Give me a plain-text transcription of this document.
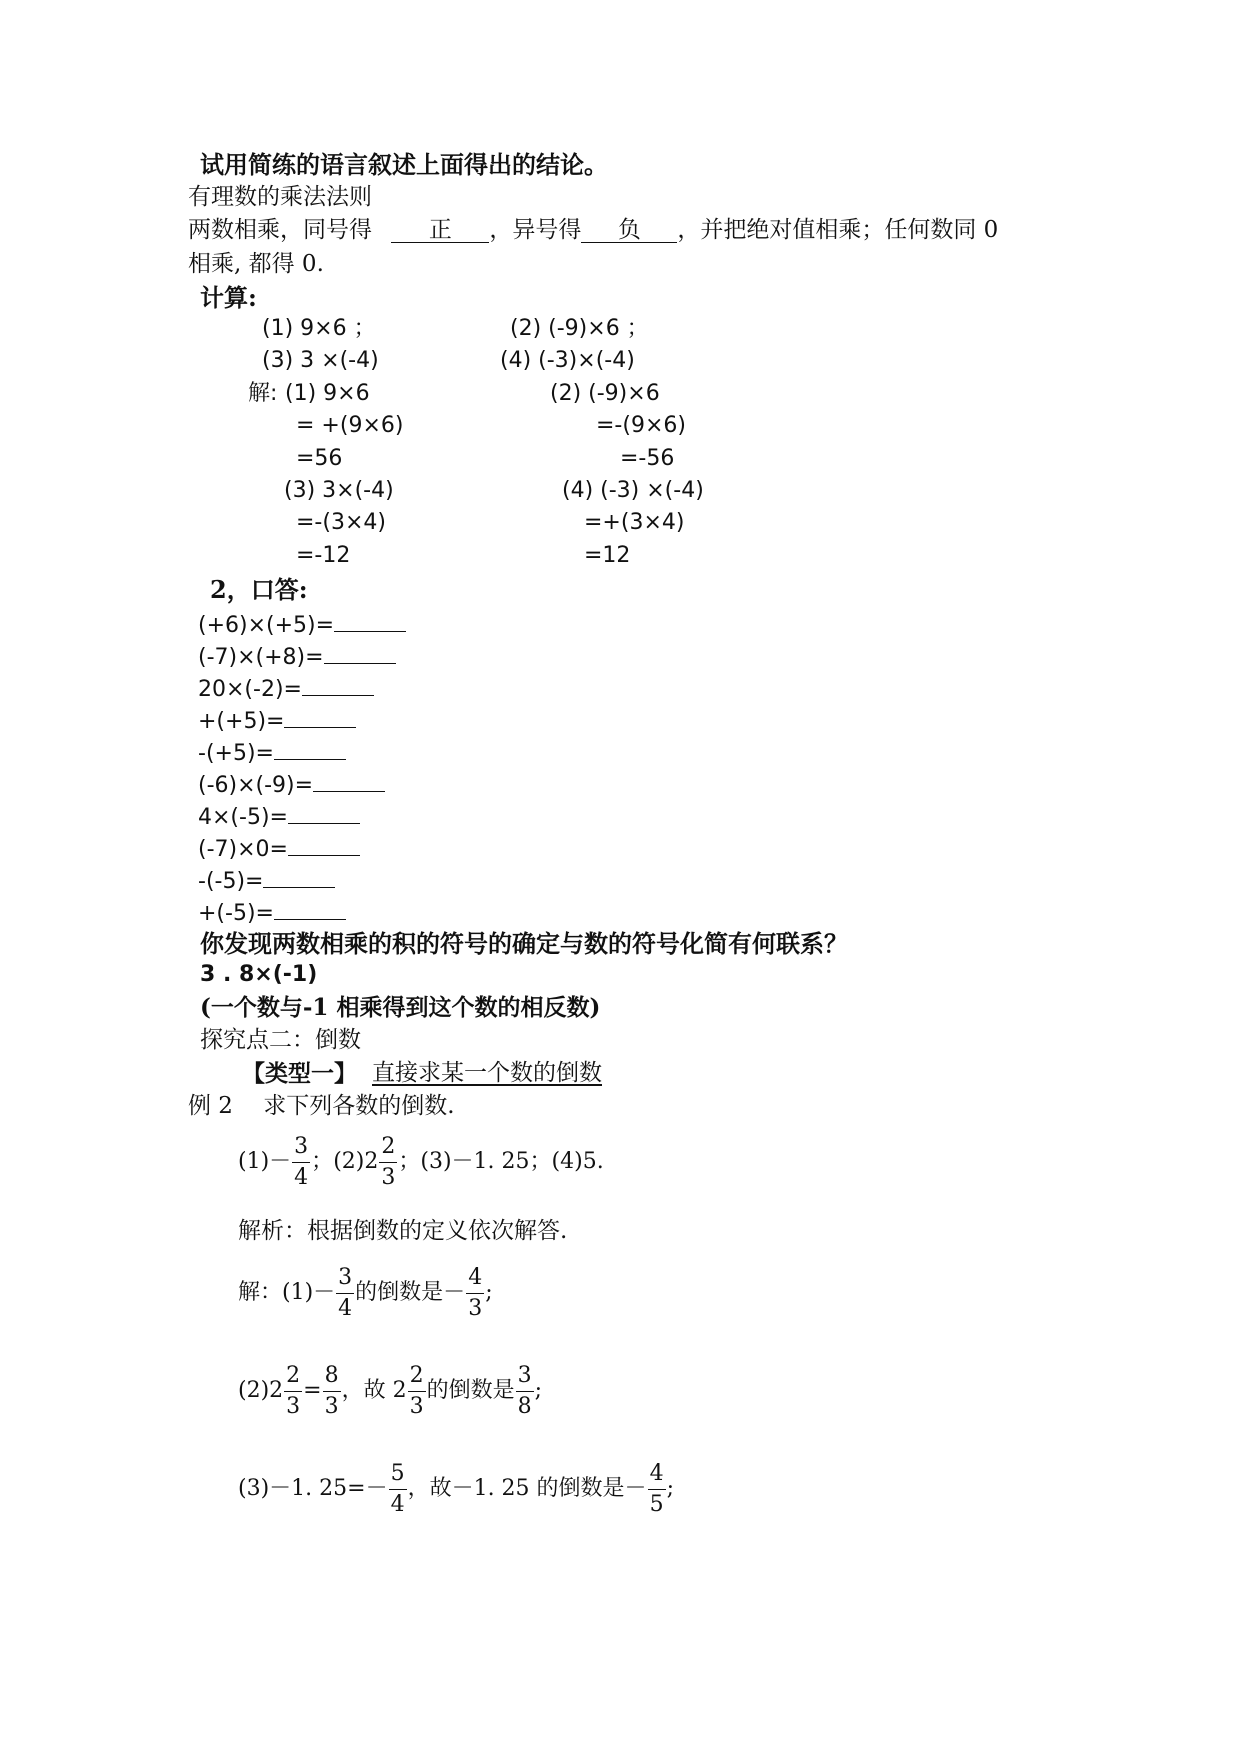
试用简练的语言叙述上面得出的结论。
有理数的乘法法则
两数相乘，同号得 正 ，异号得 负 ，并把绝对值相乘；任何数同 0
相乘, 都得 0.
计算:
(1) 9×6 ；	(2) (-9)×6 ；
(3) 3 ×(-4)	(4) (-3)×(-4)
解: (1) 9×6
= +(9×6)
=56
(2) (-9)×6
=-(9×6)
=-56
(3) 3×(-4)
=-(3×4)
=-12
(4) (-3) ×(-4)
=+(3×4)
=12
2，口答:
(+6)×(+5)=
(-7)×(+8)=
20×(-2)=
+(+5)=
-(+5)=
(-6)×(-9)=
4×(-5)=
(-7)×0=
-(-5)=
+(-5)=
你发现两数相乘的积的符号的确定与数的符号化简有何联系？
3 . 8×(-1)
(一个数与-1 相乘得到这个数的相反数)
探究点二：倒数
【类型一】 直接求某一个数的倒数
例 2　 求下列各数的倒数.
$(1)- \frac{3}{4}$ ； $(2)2 \frac{2}{3}$ ； (3)－1. 25； (4)5.
解析：根据倒数的定义依次解答.
解：$(1)- \frac{3}{4}$ 的倒数是－ $\frac{4}{3}$ ;
$(2)2 \frac{2}{3} = \frac{8}{3}$ ，故 $2 \frac{2}{3}$ 的倒数是 $\frac{3}{8}$ ;
(3)－1. $25=- \frac{5}{4}$ ，故－1. 25 的倒数是－ $\frac{4}{5}$ ;
